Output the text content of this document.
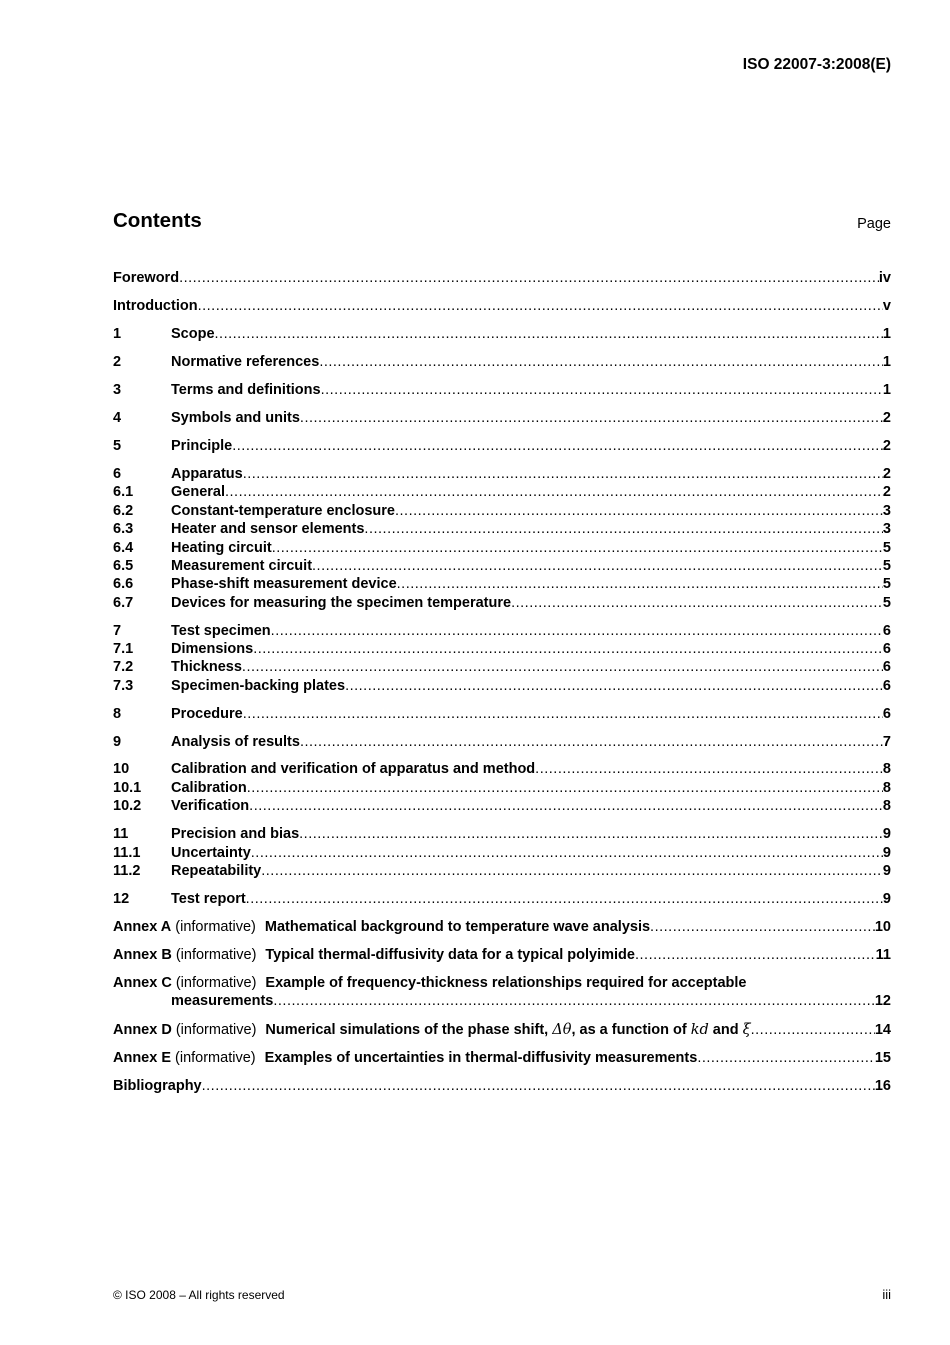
ISO 22007-3:2008(E)
Contents	Page
Foreword .....	iv
Introduction .....	v
1	Scope .....	1
2	Normative references .....	1
3	Terms and definitions .....	1
4	Symbols and units .....	2
5	Principle .....	2
6	Apparatus .....	2
6.1	General .....	2
6.2	Constant-temperature enclosure .....	3
6.3	Heater and sensor elements .....	3
6.4	Heating circuit .....	5
6.5	Measurement circuit .....	5
6.6	Phase-shift measurement device .....	5
6.7	Devices for measuring the specimen temperature .....	5
7	Test specimen .....	6
7.1	Dimensions .....	6
7.2	Thickness .....	6
7.3	Specimen-backing plates .....	6
8	Procedure .....	6
9	Analysis of results .....	7
10	Calibration and verification of apparatus and method .....	8
10.1	Calibration .....	8
10.2	Verification .....	8
11	Precision and bias .....	9
11.1	Uncertainty .....	9
11.2	Repeatability .....	9
12	Test report .....	9
Annex A (informative) Mathematical background to temperature wave analysis .....	10
Annex B (informative) Typical thermal-diffusivity data for a typical polyimide .....	11
Annex C (informative) Example of frequency-thickness relationships required for acceptable
measurements .....	12
Annex D (informative) Numerical simulations of the phase shift, Δθ, as a function of kd and ξ .....	14
Annex E (informative) Examples of uncertainties in thermal-diffusivity measurements .....	15
Bibliography .....	16
© ISO 2008 – All rights reserved	iii
